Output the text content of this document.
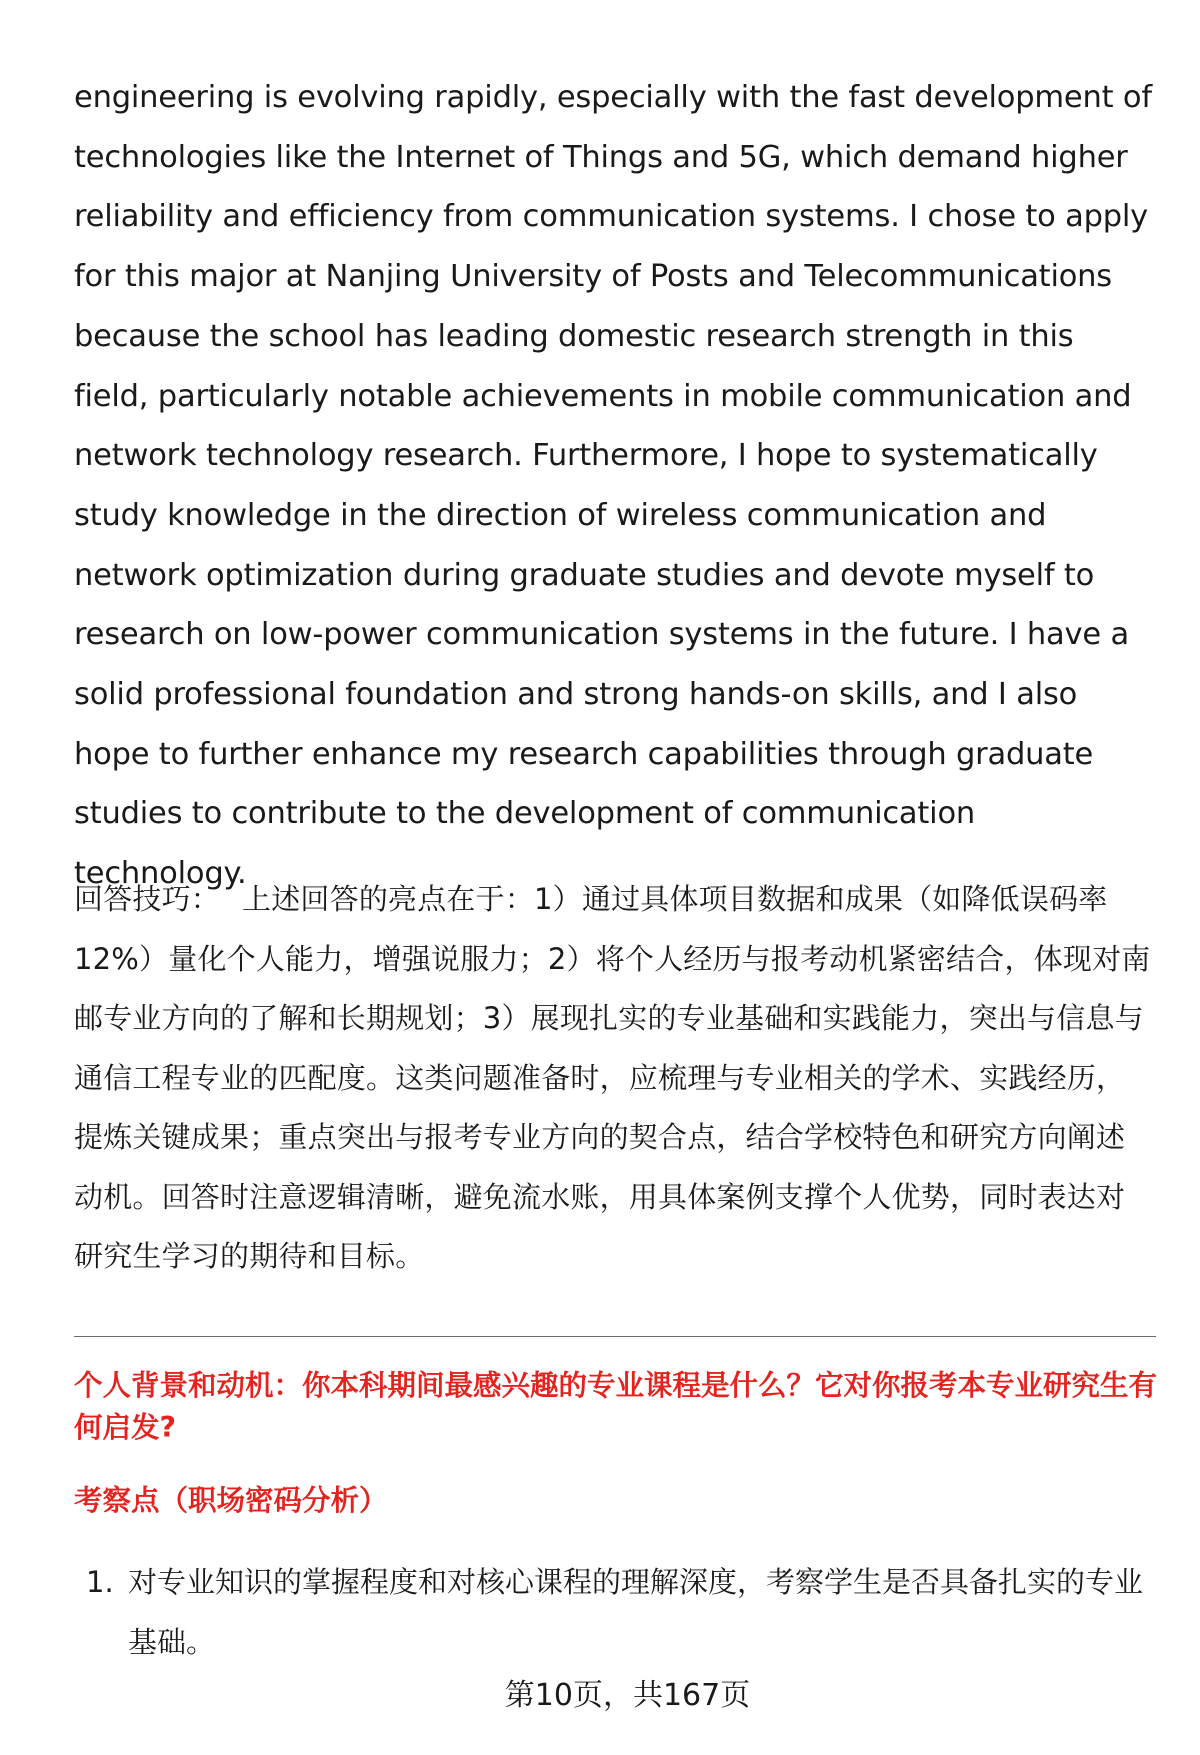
engineering is evolving rapidly, especially with the fast development of technologies like the Internet of Things and 5G, which demand higher reliability and efficiency from communication systems. I chose to apply for this major at Nanjing University of Posts and Telecommunications because the school has leading domestic research strength in this field, particularly notable achievements in mobile communication and network technology research. Furthermore, I hope to systematically study knowledge in the direction of wireless communication and network optimization during graduate studies and devote myself to research on low-power communication systems in the future. I have a solid professional foundation and strong hands-on skills, and I also hope to further enhance my research capabilities through graduate studies to contribute to the development of communication technology.

回答技巧： 上述回答的亮点在于：1）通过具体项目数据和成果（如降低误码率12%）量化个人能力，增强说服力；2）将个人经历与报考动机紧密结合，体现对南邮专业方向的了解和长期规划；3）展现扎实的专业基础和实践能力，突出与信息与通信工程专业的匹配度。这类问题准备时，应梳理与专业相关的学术、实践经历，提炼关键成果；重点突出与报考专业方向的契合点，结合学校特色和研究方向阐述动机。回答时注意逻辑清晰，避免流水账，用具体案例支撑个人优势，同时表达对研究生学习的期待和目标。

个人背景和动机：你本科期间最感兴趣的专业课程是什么？它对你报考本专业研究生有何启发?

考察点（职场密码分析）

1. 对专业知识的掌握程度和对核心课程的理解深度，考察学生是否具备扎实的专业基础。
第10页，共167页
